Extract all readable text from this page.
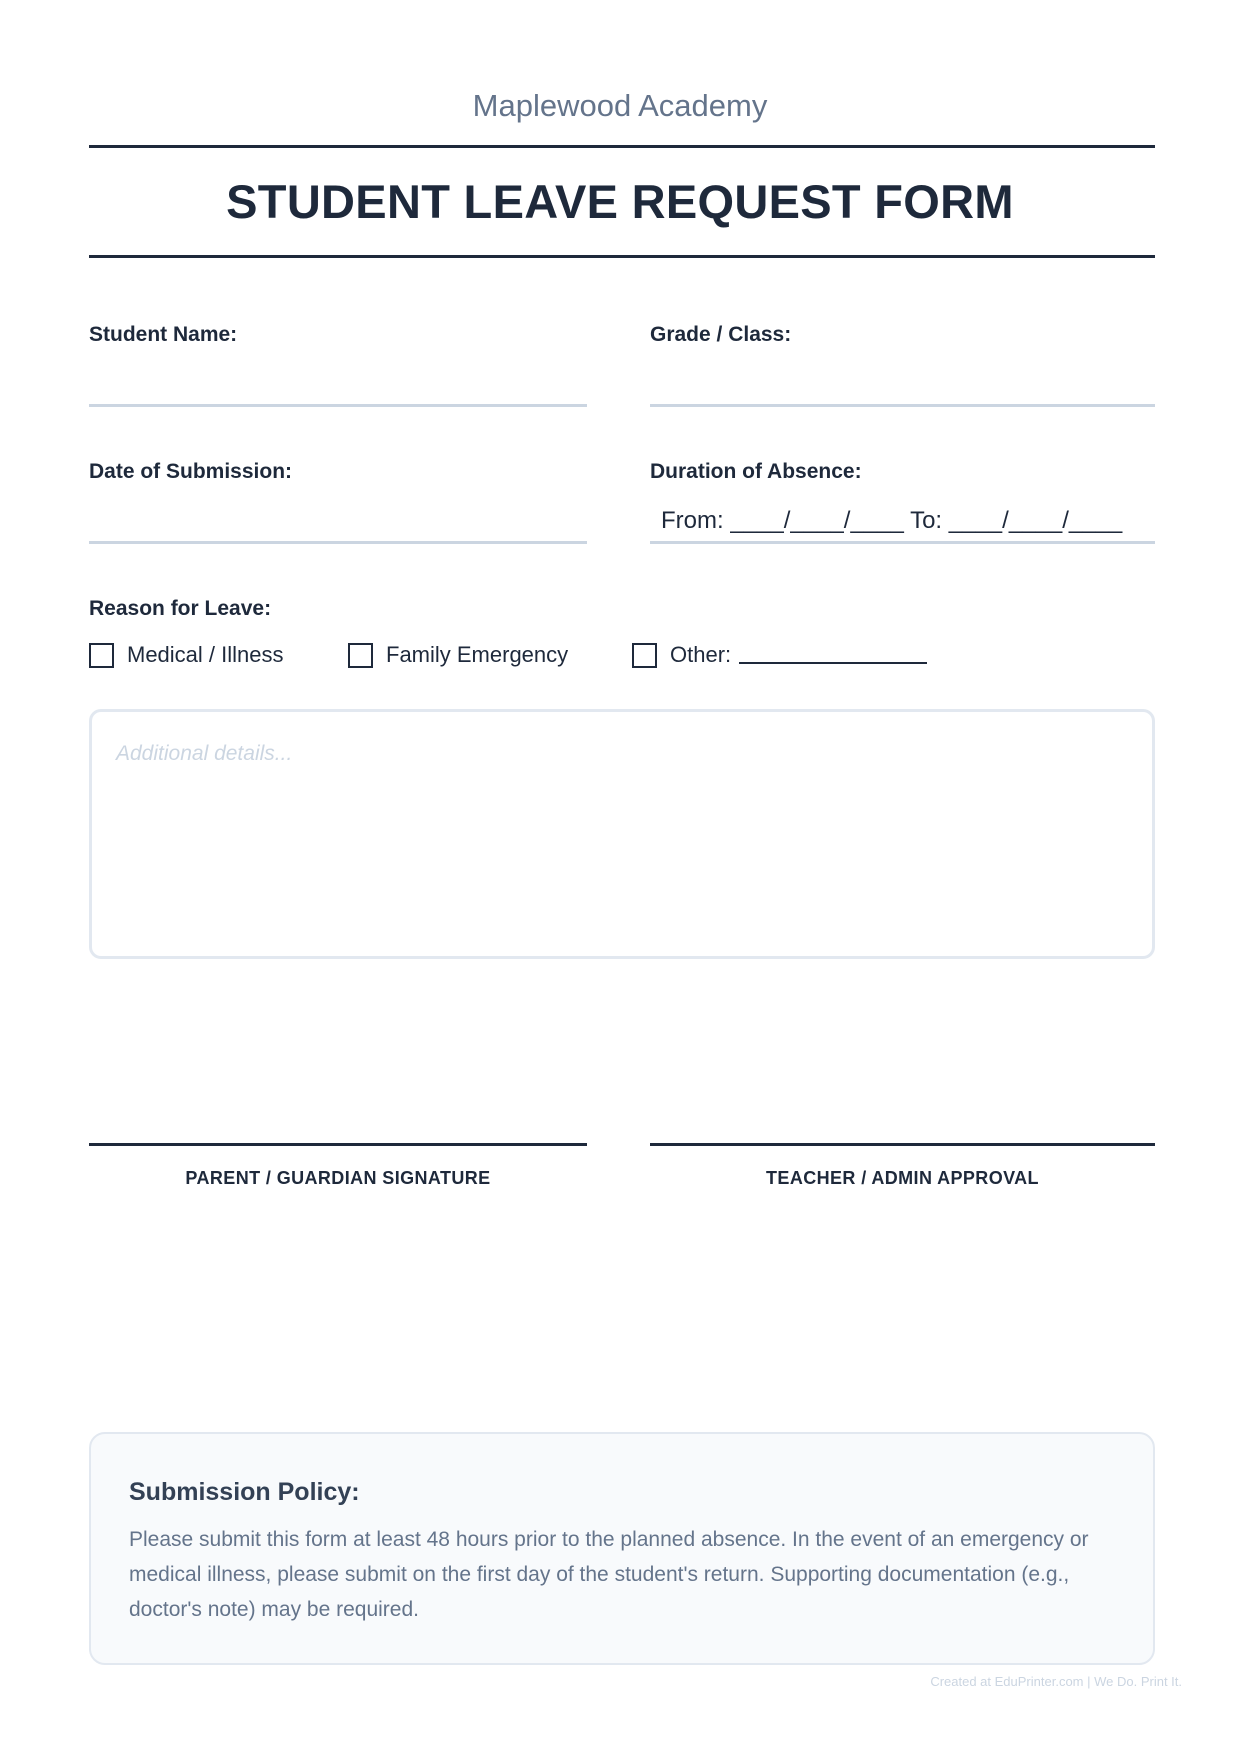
Maplewood Academy
STUDENT LEAVE REQUEST FORM
Student Name:	Grade / Class:
Date of Submission:	Duration of Absence:
From: ____/____/____ To: ____/____/____
Reason for Leave:
Medical / Illness	Family Emergency	Other:
Additional details...
PARENT / GUARDIAN SIGNATURE	TEACHER / ADMIN APPROVAL
Submission Policy:

Please submit this form at least 48 hours prior to the planned absence. In the event of an emergency or medical illness, please submit on the first day of the student's return. Supporting documentation (e.g., doctor's note) may be required.

Created at EduPrinter.com | We Do. Print It.
